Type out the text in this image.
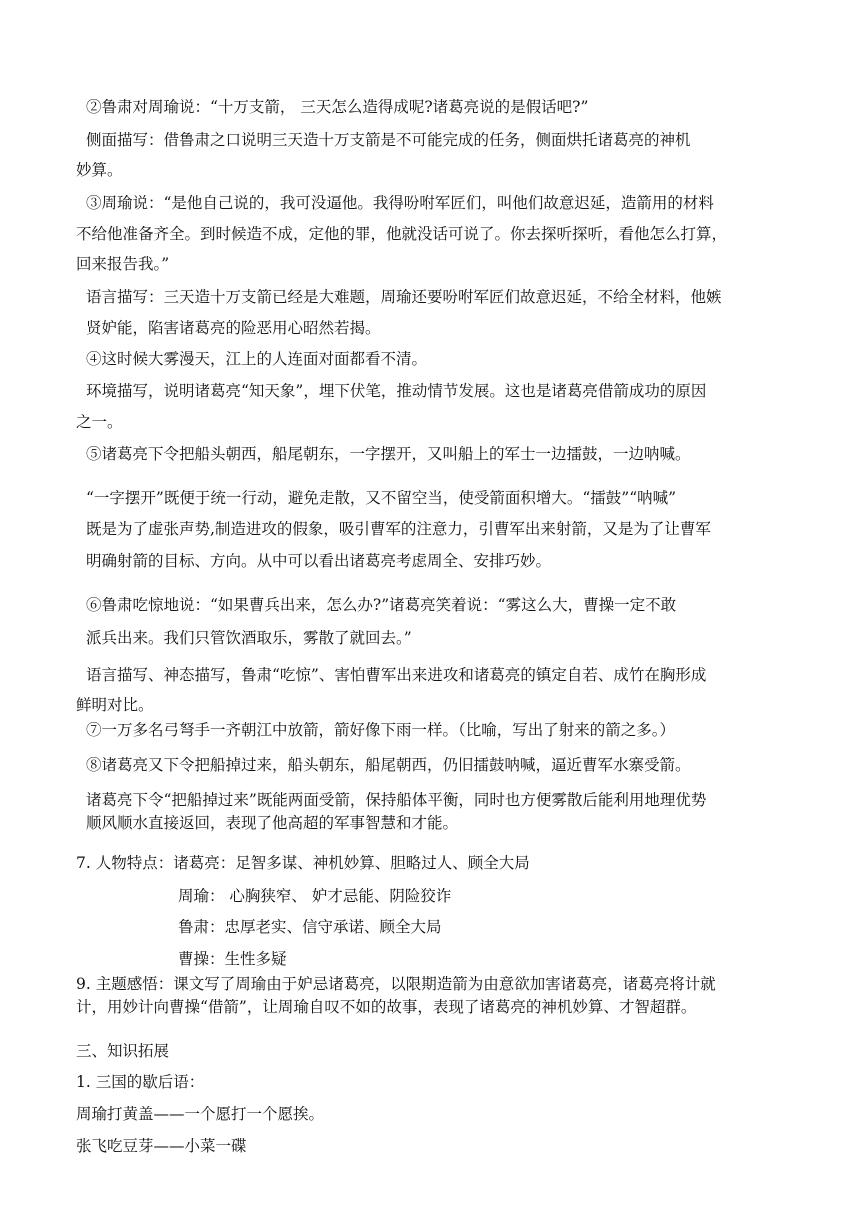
②鲁肃对周瑜说：“十万支箭， 三天怎么造得成呢?诸葛亮说的是假话吧?”
侧面描写：借鲁肃之口说明三天造十万支箭是不可能完成的任务，侧面烘托诸葛亮的神机
妙算。
③周瑜说：“是他自己说的，我可没逼他。我得吩咐军匠们，叫他们故意迟延，造箭用的材料
不给他准备齐全。到时候造不成，定他的罪，他就没话可说了。你去探听探听，看他怎么打算，
回来报告我。”
语言描写：三天造十万支箭已经是大难题，周瑜还要吩咐军匠们故意迟延，不给全材料，他嫉
贤妒能，陷害诸葛亮的险恶用心昭然若揭。
④这时候大雾漫天，江上的人连面对面都看不清。
环境描写，说明诸葛亮“知天象”，埋下伏笔，推动情节发展。这也是诸葛亮借箭成功的原因
之一。
⑤诸葛亮下令把船头朝西，船尾朝东，一字摆开，又叫船上的军士一边擂鼓，一边呐喊。
“一字摆开”既便于统一行动，避免走散，又不留空当，使受箭面积增大。“擂鼓”“呐喊”
既是为了虚张声势,制造进攻的假象，吸引曹军的注意力，引曹军出来射箭，又是为了让曹军
明确射箭的目标、方向。从中可以看出诸葛亮考虑周全、安排巧妙。
⑥鲁肃吃惊地说：“如果曹兵出来，怎么办?”诸葛亮笑着说：“雾这么大，曹操一定不敢
派兵出来。我们只管饮酒取乐，雾散了就回去。”
语言描写、神态描写，鲁肃“吃惊”、害怕曹军出来进攻和诸葛亮的镇定自若、成竹在胸形成
鲜明对比。
⑦一万多名弓弩手一齐朝江中放箭，箭好像下雨一样。（比喻，写出了射来的箭之多。）
⑧诸葛亮又下令把船掉过来，船头朝东，船尾朝西，仍旧擂鼓呐喊，逼近曹军水寨受箭。
诸葛亮下令“把船掉过来”既能两面受箭，保持船体平衡，同时也方便雾散后能利用地理优势
顺风顺水直接返回，表现了他高超的军事智慧和才能。
7. 人物特点：诸葛亮：足智多谋、神机妙算、胆略过人、顾全大局
周瑜： 心胸狭窄、 妒才忌能、阴险狡诈
鲁肃：忠厚老实、信守承诺、顾全大局
曹操：生性多疑
9. 主题感悟：课文写了周瑜由于妒忌诸葛亮，以限期造箭为由意欲加害诸葛亮，诸葛亮将计就
计，用妙计向曹操“借箭”，让周瑜自叹不如的故事，表现了诸葛亮的神机妙算、才智超群。
三、知识拓展
1. 三国的歇后语：
周瑜打黄盖——一个愿打一个愿挨。
张飞吃豆芽——小菜一碟
